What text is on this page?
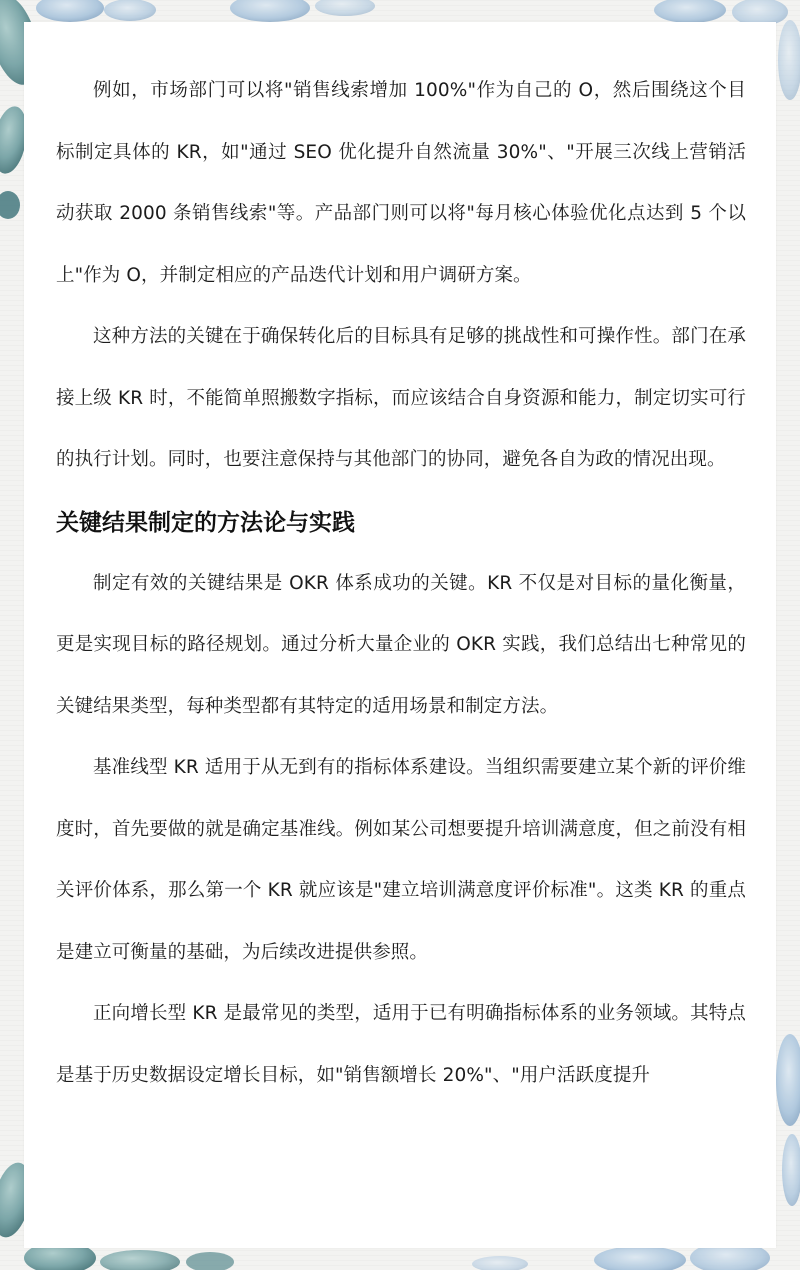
例如，市场部门可以将"销售线索增加 100%"作为自己的 O，然后围绕这个目标制定具体的 KR，如"通过 SEO 优化提升自然流量 30%"、"开展三次线上营销活动获取 2000 条销售线索"等。产品部门则可以将"每月核心体验优化点达到 5 个以上"作为 O，并制定相应的产品迭代计划和用户调研方案。

这种方法的关键在于确保转化后的目标具有足够的挑战性和可操作性。部门在承接上级 KR 时，不能简单照搬数字指标，而应该结合自身资源和能力，制定切实可行的执行计划。同时，也要注意保持与其他部门的协同，避免各自为政的情况出现。

关键结果制定的方法论与实践

制定有效的关键结果是 OKR 体系成功的关键。KR 不仅是对目标的量化衡量，更是实现目标的路径规划。通过分析大量企业的 OKR 实践，我们总结出七种常见的关键结果类型，每种类型都有其特定的适用场景和制定方法。

基准线型 KR 适用于从无到有的指标体系建设。当组织需要建立某个新的评价维度时，首先要做的就是确定基准线。例如某公司想要提升培训满意度，但之前没有相关评价体系，那么第一个 KR 就应该是"建立培训满意度评价标准"。这类 KR 的重点是建立可衡量的基础，为后续改进提供参照。

正向增长型 KR 是最常见的类型，适用于已有明确指标体系的业务领域。其特点是基于历史数据设定增长目标，如"销售额增长 20%"、"用户活跃度提升
